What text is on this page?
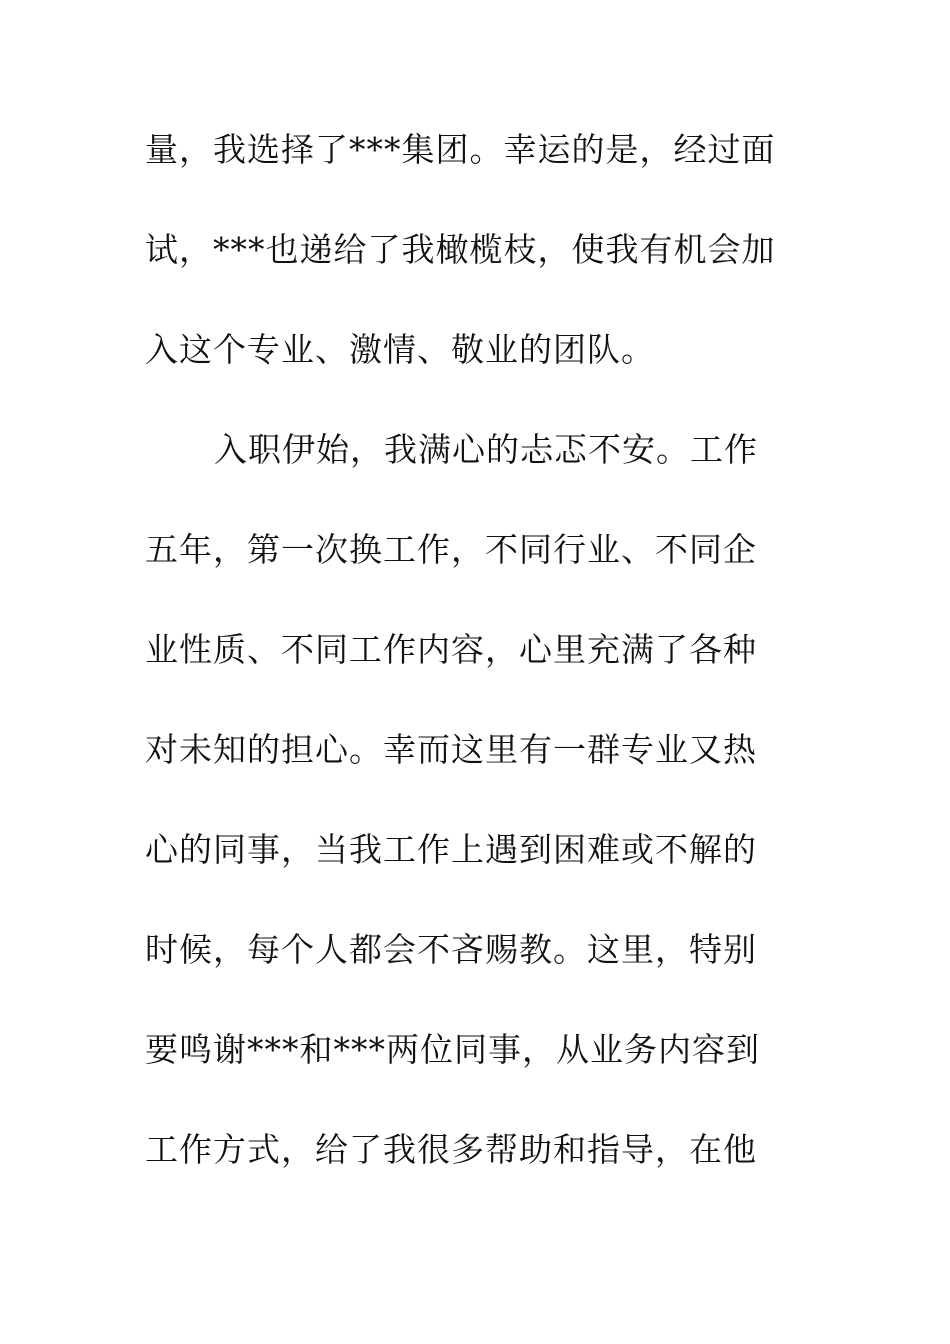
量，我选择了***集团。幸运的是，经过面
试，***也递给了我橄榄枝，使我有机会加
入这个专业、激情、敬业的团队。
入职伊始，我满心的忐忑不安。工作
五年，第一次换工作，不同行业、不同企
业性质、不同工作内容，心里充满了各种
对未知的担心。幸而这里有一群专业又热
心的同事，当我工作上遇到困难或不解的
时候，每个人都会不吝赐教。这里，特别
要鸣谢***和***两位同事，从业务内容到
工作方式，给了我很多帮助和指导，在他
